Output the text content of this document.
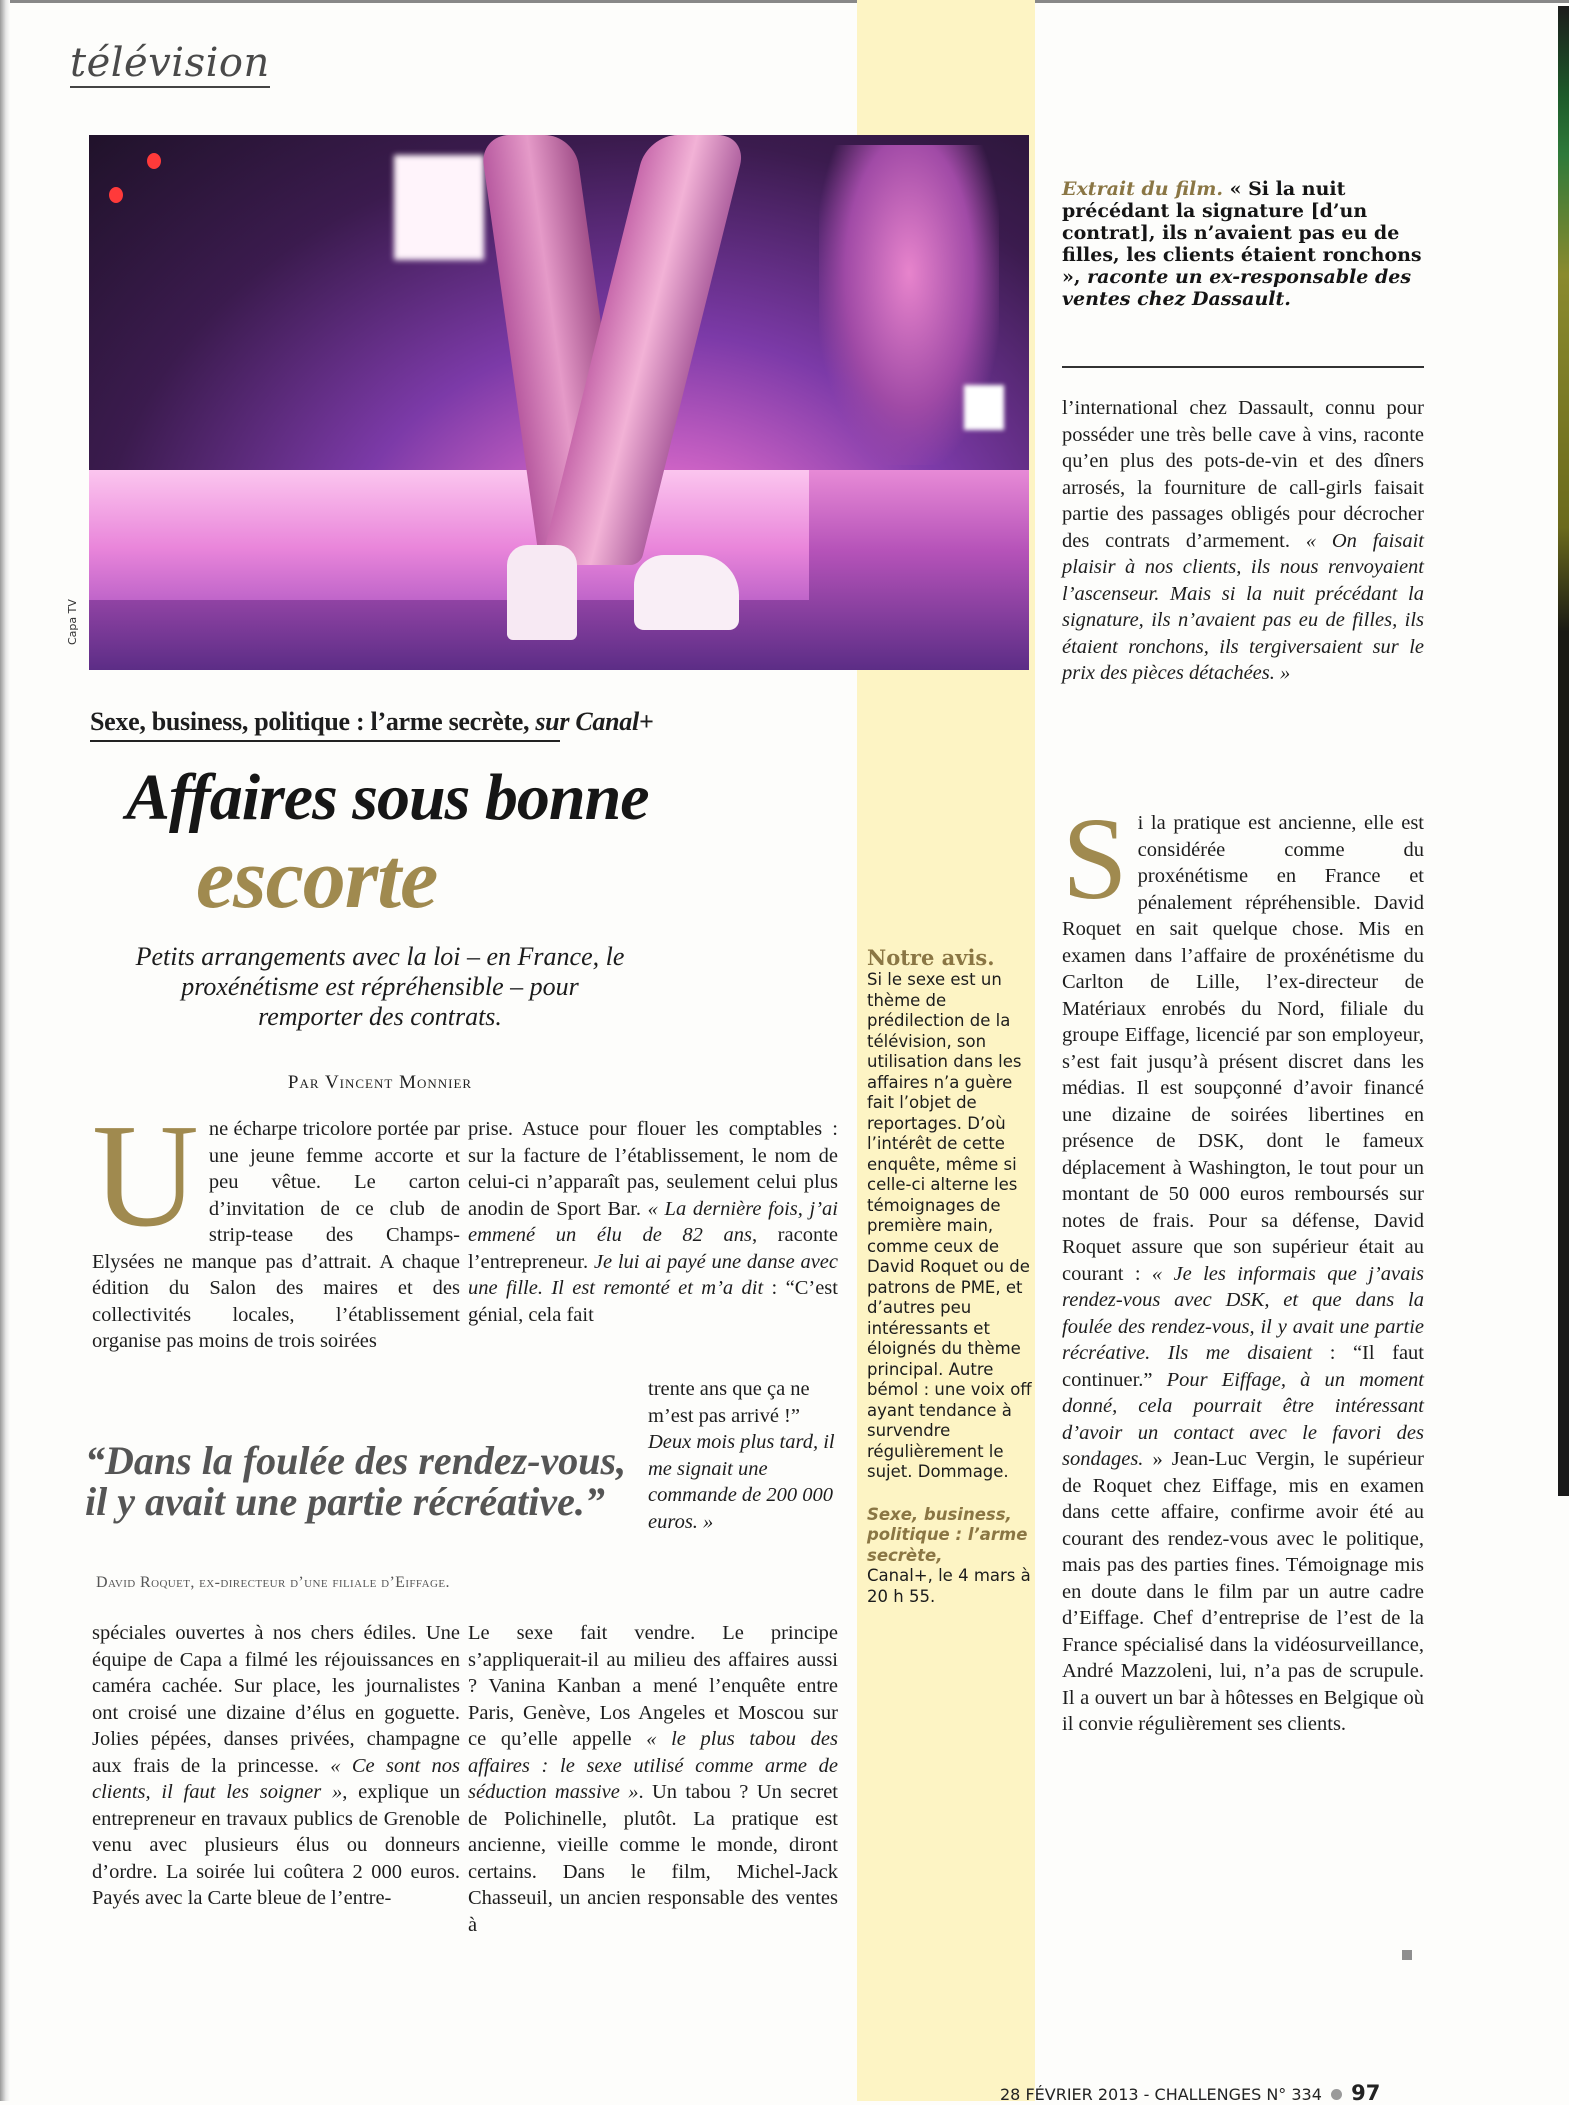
télévision
Capa TV
Extrait du film. « Si la nuit précédant la signature [d’un contrat], ils n’avaient pas eu de filles, les clients étaient ronchons », raconte un ex-responsable des ventes chez Dassault.
Sexe, business, politique : l’arme secrète, sur Canal+
Affaires sous bonne
escorte
Petits arrangements avec la loi – en France, le proxénétisme est répréhensible – pour remporter des contrats.
Par Vincent Monnier
Une écharpe tricolore portée par une jeune femme accorte et peu vêtue. Le carton d’invitation de ce club de strip-tease des Champs-Elysées ne manque pas d’attrait. A chaque édition du Salon des maires et des collectivités locales, l’établissement organise pas moins de trois soirées
“Dans la foulée des rendez-vous, il y avait une partie récréative.”
David Roquet, ex-directeur d’une filiale d’Eiffage.
spéciales ouvertes à nos chers édiles. Une équipe de Capa a filmé les réjouissances en caméra cachée. Sur place, les journalistes ont croisé une dizaine d’élus en goguette. Jolies pépées, danses privées, champagne aux frais de la princesse. « Ce sont nos clients, il faut les soigner », explique un entrepreneur en travaux publics de Grenoble venu avec plusieurs élus ou donneurs d’ordre. La soirée lui coûtera 2 000 euros. Payés avec la Carte bleue de l’entre-
prise. Astuce pour flouer les comptables : sur la facture de l’établissement, le nom de celui-ci n’apparaît pas, seulement celui plus anodin de Sport Bar. « La dernière fois, j’ai emmené un élu de 82 ans, raconte l’entrepreneur. Je lui ai payé une danse avec une fille. Il est remonté et m’a dit : “C’est génial, cela fait
trente ans que ça ne m’est pas arrivé !” Deux mois plus tard, il me signait une commande de 200 000 euros. »
Le sexe fait vendre. Le principe s’appliquerait-il au milieu des affaires aussi ? Vanina Kanban a mené l’enquête entre Paris, Genève, Los Angeles et Moscou sur ce qu’elle appelle « le plus tabou des affaires : le sexe utilisé comme arme de séduction massive ». Un tabou ? Un secret de Polichinelle, plutôt. La pratique est ancienne, vieille comme le monde, diront certains. Dans le film, Michel-Jack Chasseuil, un ancien responsable des ventes à
Notre avis.
Si le sexe est un thème de prédilection de la télévision, son utilisation dans les affaires n’a guère fait l’objet de reportages. D’où l’intérêt de cette enquête, même si celle-ci alterne les témoignages de première main, comme ceux de David Roquet ou de patrons de PME, et d’autres peu intéressants et éloignés du thème principal. Autre bémol : une voix off ayant tendance à survendre régulièrement le sujet. Dommage.
Sexe, business, politique : l’arme secrète,
Canal+, le 4 mars à 20 h 55.
l’international chez Dassault, connu pour posséder une très belle cave à vins, raconte qu’en plus des pots-de-vin et des dîners arrosés, la fourniture de call-girls faisait partie des passages obligés pour décrocher des contrats d’armement. « On faisait plaisir à nos clients, ils nous renvoyaient l’ascenseur. Mais si la nuit précédant la signature, ils n’avaient pas eu de filles, ils étaient ronchons, ils tergiversaient sur le prix des pièces détachées. »
Si la pratique est ancienne, elle est considérée comme du proxénétisme en France et pénalement répréhensible. David Roquet en sait quelque chose. Mis en examen dans l’affaire de proxénétisme du Carlton de Lille, l’ex-directeur de Matériaux enrobés du Nord, filiale du groupe Eiffage, licencié par son employeur, s’est fait jusqu’à présent discret dans les médias. Il est soupçonné d’avoir financé une dizaine de soirées libertines en présence de DSK, dont le fameux déplacement à Washington, le tout pour un montant de 50 000 euros remboursés sur notes de frais. Pour sa défense, David Roquet assure que son supérieur était au courant : « Je les informais que j’avais rendez-vous avec DSK, et que dans la foulée des rendez-vous, il y avait une partie récréative. Ils me disaient : “Il faut continuer.” Pour Eiffage, à un moment donné, cela pourrait être intéressant d’avoir un contact avec le favori des sondages. » Jean-Luc Vergin, le supérieur de Roquet chez Eiffage, mis en examen dans cette affaire, confirme avoir été au courant des rendez-vous avec le politique, mais pas des parties fines. Témoignage mis en doute dans le film par un autre cadre d’Eiffage. Chef d’entreprise de l’est de la France spécialisé dans la vidéosurveillance, André Mazzoleni, lui, n’a pas de scrupule. Il a ouvert un bar à hôtesses en Belgique où il convie régulièrement ses clients.
28 FÉVRIER 2013 - CHALLENGES N° 334 97
